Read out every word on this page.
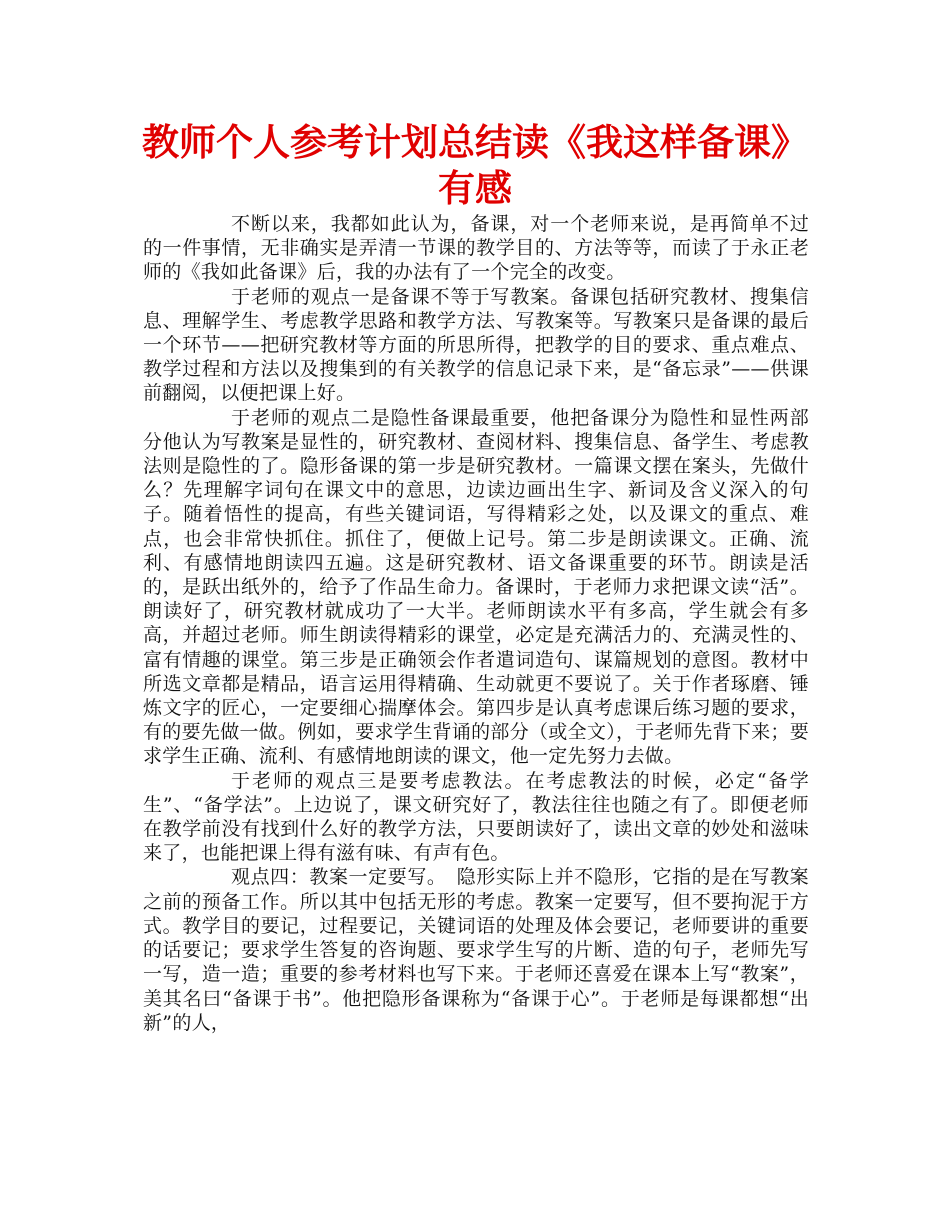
教师个人参考计划总结读《我这样备课》
有感

不断以来，我都如此认为，备课，对一个老师来说，是再简单不过的一件事情，无非确实是弄清一节课的教学目的、方法等等，而读了于永正老师的《我如此备课》后，我的办法有了一个完全的改变。

于老师的观点一是备课不等于写教案。备课包括研究教材、搜集信息、理解学生、考虑教学思路和教学方法、写教案等。写教案只是备课的最后一个环节——把研究教材等方面的所思所得，把教学的目的要求、重点难点、教学过程和方法以及搜集到的有关教学的信息记录下来，是“备忘录”——供课前翻阅，以便把课上好。

于老师的观点二是隐性备课最重要，他把备课分为隐性和显性两部分他认为写教案是显性的，研究教材、查阅材料、搜集信息、备学生、考虑教法则是隐性的了。隐形备课的第一步是研究教材。一篇课文摆在案头，先做什么？先理解字词句在课文中的意思，边读边画出生字、新词及含义深入的句子。随着悟性的提高，有些关键词语，写得精彩之处，以及课文的重点、难点，也会非常快抓住。抓住了，便做上记号。第二步是朗读课文。正确、流利、有感情地朗读四五遍。这是研究教材、语文备课重要的环节。朗读是活的，是跃出纸外的，给予了作品生命力。备课时，于老师力求把课文读“活”。朗读好了，研究教材就成功了一大半。老师朗读水平有多高，学生就会有多高，并超过老师。师生朗读得精彩的课堂，必定是充满活力的、充满灵性的、富有情趣的课堂。第三步是正确领会作者遣词造句、谋篇规划的意图。教材中所选文章都是精品，语言运用得精确、生动就更不要说了。关于作者琢磨、锤炼文字的匠心，一定要细心揣摩体会。第四步是认真考虑课后练习题的要求，有的要先做一做。例如，要求学生背诵的部分（或全文），于老师先背下来；要求学生正确、流利、有感情地朗读的课文，他一定先努力去做。

于老师的观点三是要考虑教法。在考虑教法的时候，必定“备学生”、“备学法”。上边说了，课文研究好了，教法往往也随之有了。即便老师在教学前没有找到什么好的教学方法，只要朗读好了，读出文章的妙处和滋味来了，也能把课上得有滋有味、有声有色。

观点四：教案一定要写。　隐形实际上并不隐形，它指的是在写教案之前的预备工作。所以其中包括无形的考虑。教案一定要写，但不要拘泥于方式。教学目的要记，过程要记，关键词语的处理及体会要记，老师要讲的重要的话要记；要求学生答复的咨询题、要求学生写的片断、造的句子，老师先写一写，造一造；重要的参考材料也写下来。于老师还喜爱在课本上写“教案”，美其名曰“备课于书”。他把隐形备课称为“备课于心”。于老师是每课都想“出新”的人，
